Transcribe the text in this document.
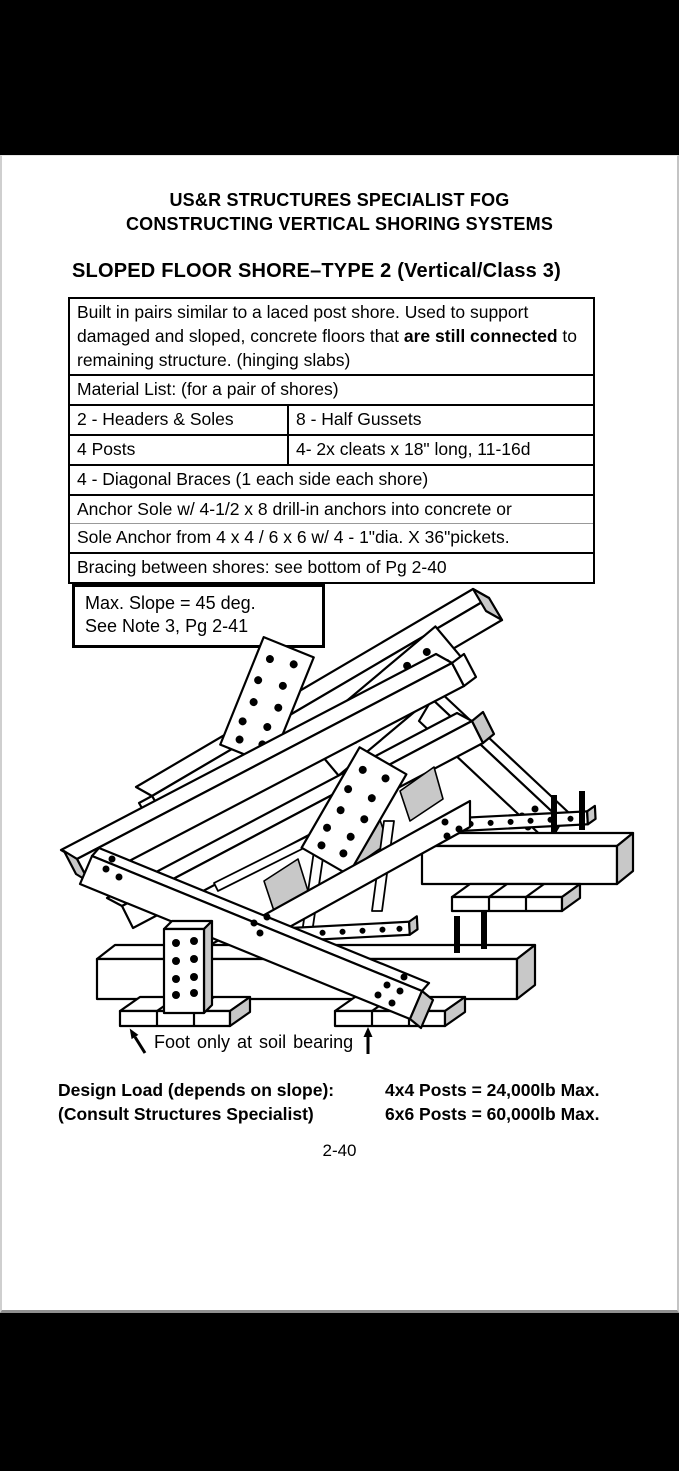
US&R STRUCTURES SPECIALIST FOG
CONSTRUCTING VERTICAL SHORING SYSTEMS
SLOPED FLOOR SHORE–TYPE 2 (Vertical/Class 3)
Built in pairs similar to a laced post shore. Used to support damaged and sloped, concrete floors that are still connected to remaining structure. (hinging slabs)	
Material List: (for a pair of shores)	
2 - Headers & Soles	8 - Half Gussets
4 Posts	4- 2x cleats x 18" long, 11-16d
4 - Diagonal Braces (1 each side each shore)	
Anchor Sole w/ 4-1/2 x 8 drill-in anchors into concrete or	
Sole Anchor from 4 x 4 / 6 x 6 w/ 4 - 1"dia. X 36"pickets.	
Bracing between shores: see bottom of Pg 2-40	
Max. Slope = 45 deg.
See Note 3, Pg 2-41
Foot only at soil bearing
Design Load (depends on slope):	4x4 Posts = 24,000lb Max.
(Consult Structures Specialist)	6x6 Posts = 60,000lb Max.
2-40
